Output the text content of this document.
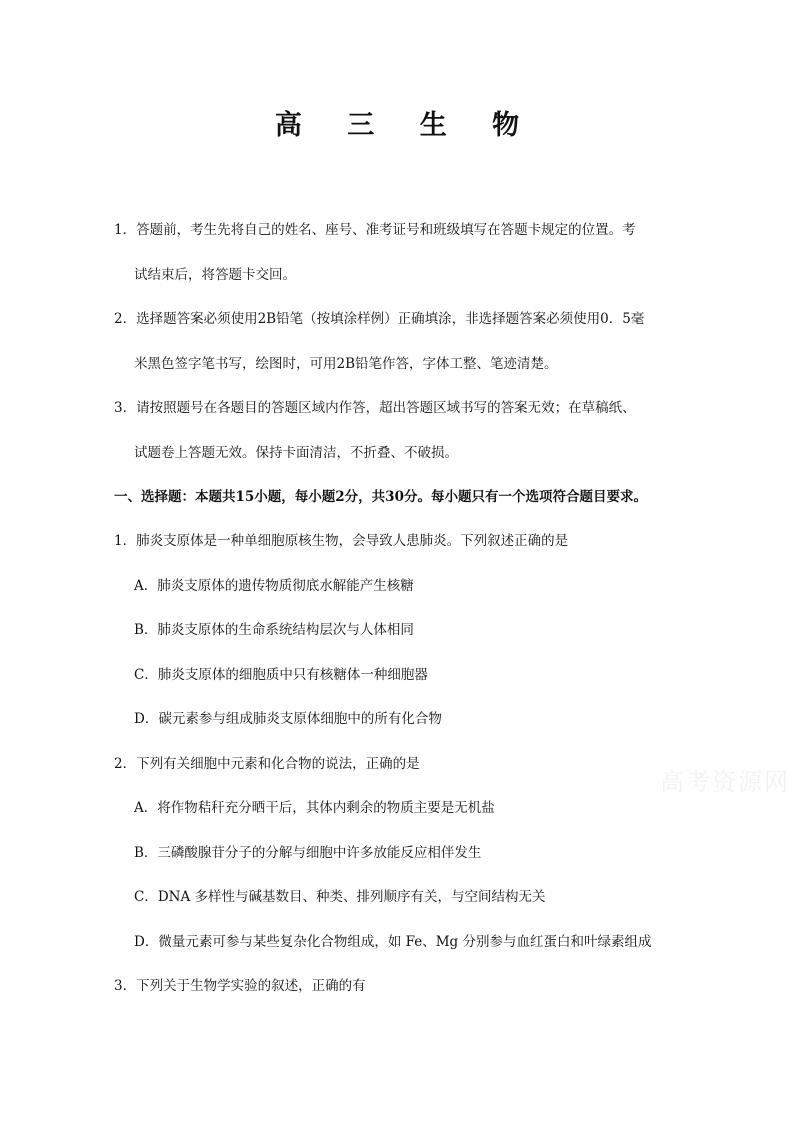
高 三 生 物
1．答题前，考生先将自己的姓名、座号、准考证号和班级填写在答题卡规定的位置。考
试结束后，将答题卡交回。
2．选择题答案必须使用2B铅笔（按填涂样例）正确填涂，非选择题答案必须使用0．5毫
米黑色签字笔书写，绘图时，可用2B铅笔作答，字体工整、笔迹清楚。
3．请按照题号在各题目的答题区域内作答，超出答题区域书写的答案无效；在草稿纸、
试题卷上答题无效。保持卡面清洁，不折叠、不破损。
一、选择题：本题共15小题，每小题2分，共30分。每小题只有一个选项符合题目要求。
1．肺炎支原体是一种单细胞原核生物，会导致人患肺炎。下列叙述正确的是
A．肺炎支原体的遗传物质彻底水解能产生核糖
B．肺炎支原体的生命系统结构层次与人体相同
C．肺炎支原体的细胞质中只有核糖体一种细胞器
D．碳元素参与组成肺炎支原体细胞中的所有化合物
2．下列有关细胞中元素和化合物的说法，正确的是
A．将作物秸秆充分晒干后，其体内剩余的物质主要是无机盐
B．三磷酸腺苷分子的分解与细胞中许多放能反应相伴发生
C．DNA 多样性与碱基数目、种类、排列顺序有关，与空间结构无关
D．微量元素可参与某些复杂化合物组成，如 Fe、Mg 分别参与血红蛋白和叶绿素组成
3．下列关于生物学实验的叙述，正确的有
高考资源网
